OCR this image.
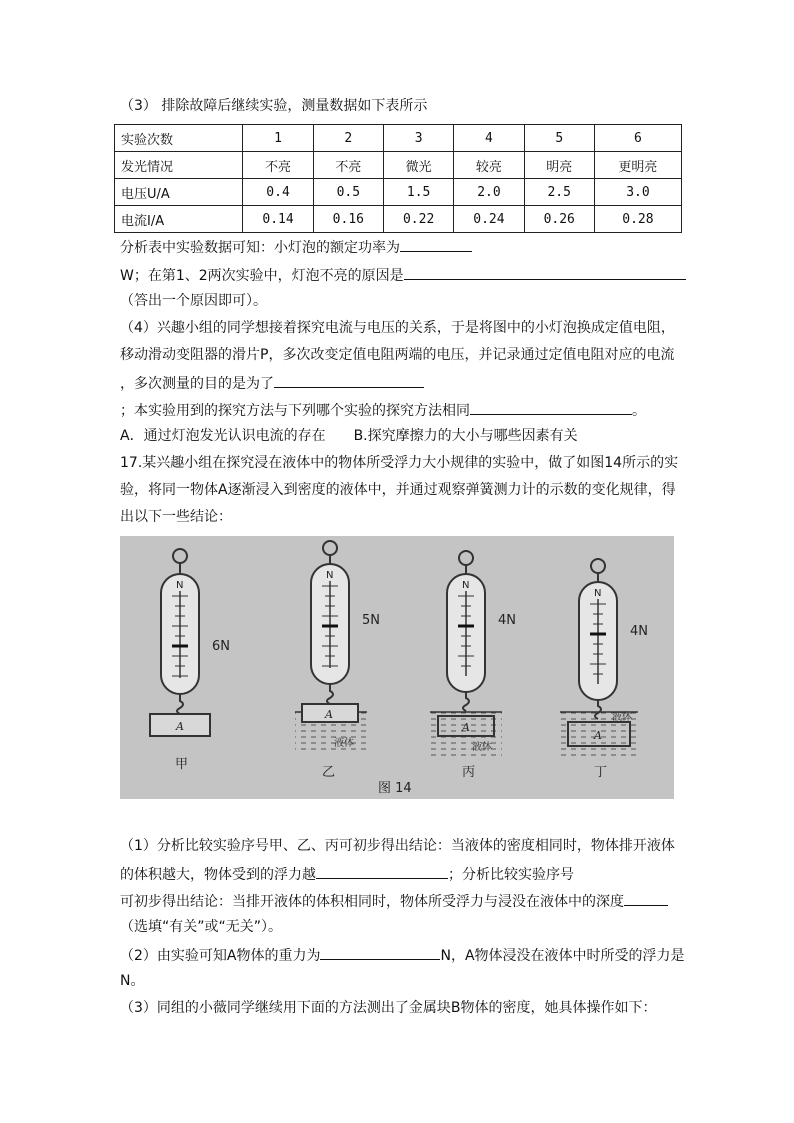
（3） 排除故障后继续实验，测量数据如下表所示
实验次数	1	2	3	4	5	6
发光情况	不亮	不亮	微光	较亮	明亮	更明亮
电压U/A	0.4	0.5	1.5	2.0	2.5	3.0
电流I/A	0.14	0.16	0.22	0.24	0.26	0.28
分析表中实验数据可知：小灯泡的额定功率为
W；在第1、2两次实验中，灯泡不亮的原因是
（答出一个原因即可）。
（4）兴趣小组的同学想接着探究电流与电压的关系，于是将图中的小灯泡换成定值电阻，
移动滑动变阻器的滑片P，多次改变定值电阻两端的电压，并记录通过定值电阻对应的电流
，多次测量的目的是为了
；本实验用到的探究方法与下列哪个实验的探究方法相同	。
A．通过灯泡发光认识电流的存在 B.探究摩擦力的大小与哪些因素有关
17.某兴趣小组在探究浸在液体中的物体所受浮力大小规律的实验中，做了如图14所示的实
验，将同一物体A逐渐浸入到密度的液体中，并通过观察弹簧测力计的示数的变化规律，得
出以下一些结论：
N
6N
A
甲
N
5N
A
液体
乙
N
4N
A
液体
丙
N
4N
A
液体
丁
图 14
（1）分析比较实验序号甲、乙、丙可初步得出结论：当液体的密度相同时，物体排开液体
的体积越大，物体受到的浮力越	；分析比较实验序号
可初步得出结论：当排开液体的体积相同时，物体所受浮力与浸没在液体中的深度
（选填“有关”或“无关”）。
（2）由实验可知A物体的重力为	N，A物体浸没在液体中时所受的浮力是
N。
（3）同组的小薇同学继续用下面的方法测出了金属块B物体的密度，她具体操作如下：
